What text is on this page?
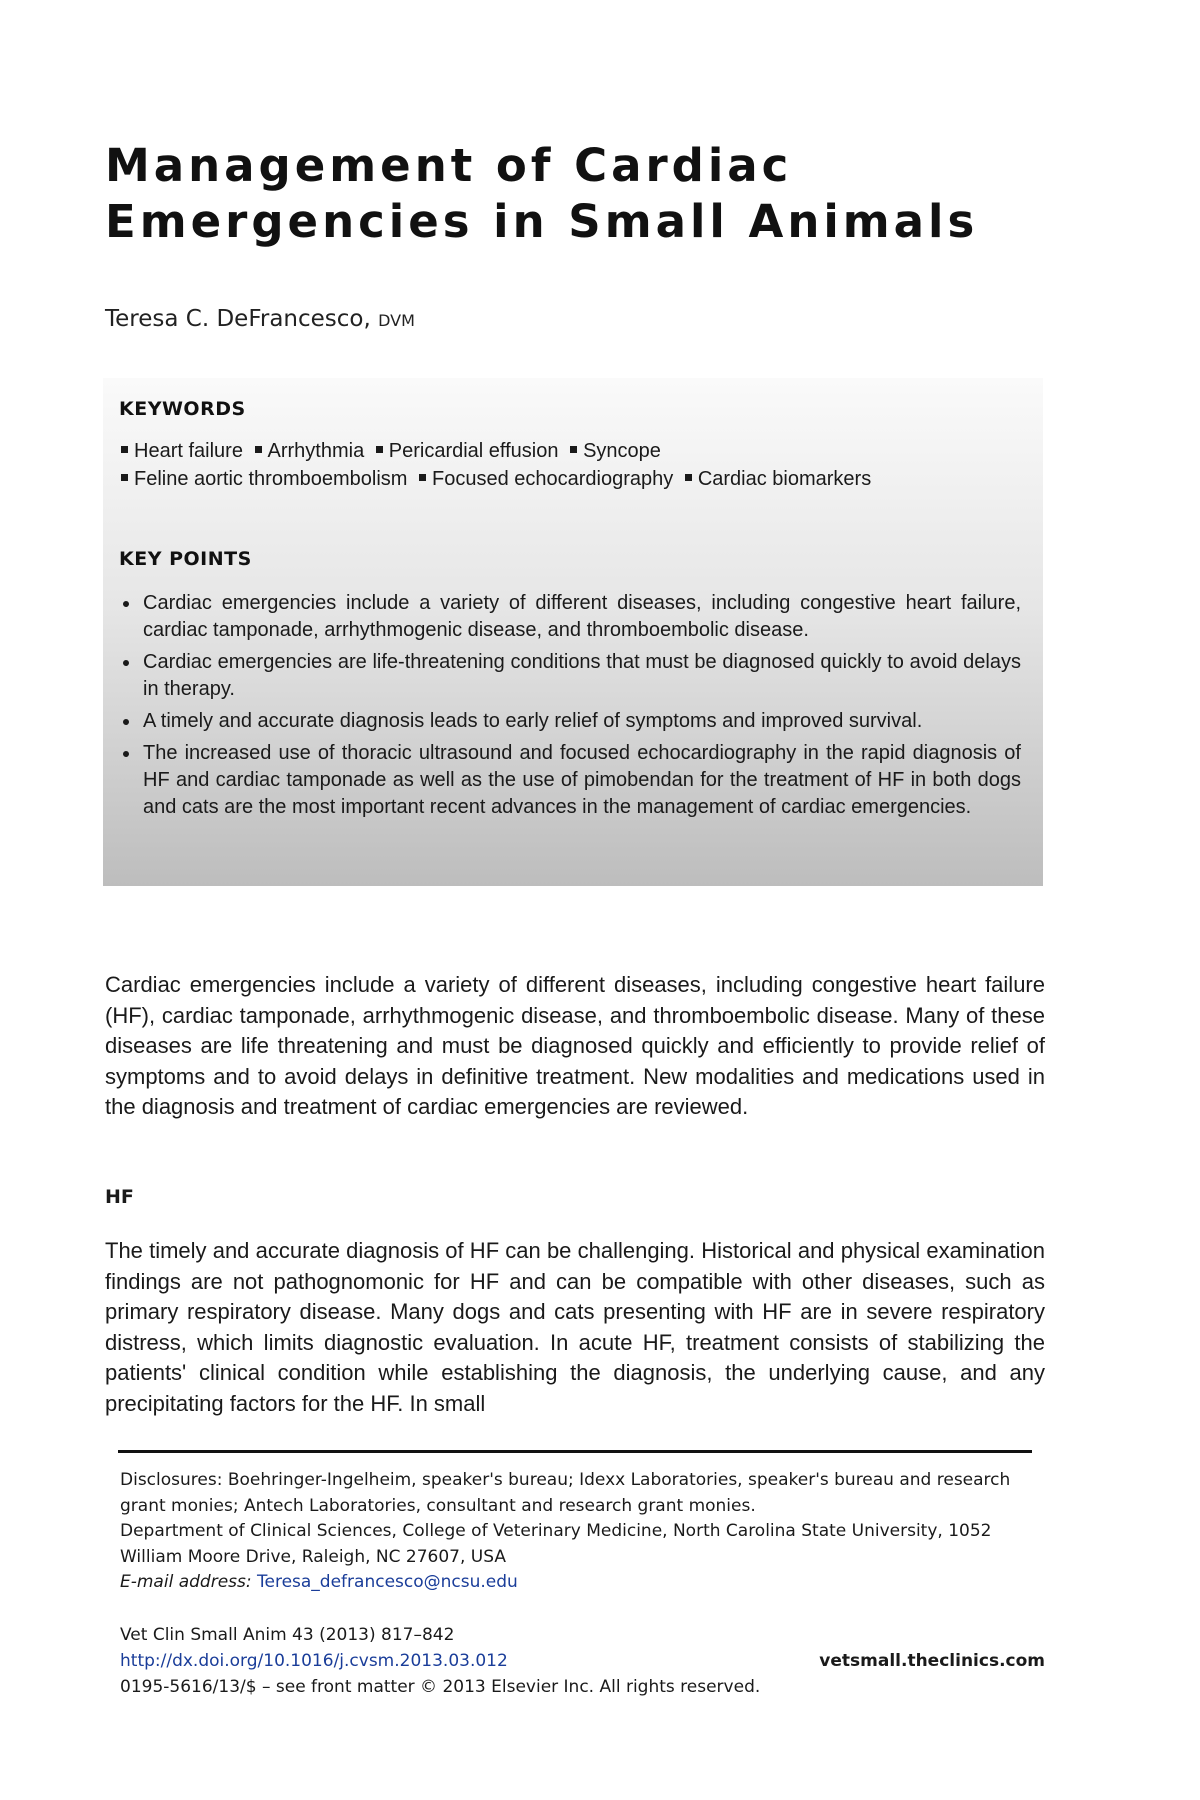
Management of Cardiac
Emergencies in Small Animals
Teresa C. DeFrancesco, DVM
KEYWORDS
Heart failure Arrhythmia Pericardial effusion Syncope
Feline aortic thromboembolism Focused echocardiography Cardiac biomarkers
KEY POINTS
Cardiac emergencies include a variety of different diseases, including congestive heart failure, cardiac tamponade, arrhythmogenic disease, and thromboembolic disease.
Cardiac emergencies are life-threatening conditions that must be diagnosed quickly to avoid delays in therapy.
A timely and accurate diagnosis leads to early relief of symptoms and improved survival.
The increased use of thoracic ultrasound and focused echocardiography in the rapid diagnosis of HF and cardiac tamponade as well as the use of pimobendan for the treatment of HF in both dogs and cats are the most important recent advances in the management of cardiac emergencies.
Cardiac emergencies include a variety of different diseases, including congestive heart failure (HF), cardiac tamponade, arrhythmogenic disease, and thromboembolic disease. Many of these diseases are life threatening and must be diagnosed quickly and efficiently to provide relief of symptoms and to avoid delays in definitive treatment. New modalities and medications used in the diagnosis and treatment of cardiac emergencies are reviewed.
HF
The timely and accurate diagnosis of HF can be challenging. Historical and physical examination findings are not pathognomonic for HF and can be compatible with other diseases, such as primary respiratory disease. Many dogs and cats presenting with HF are in severe respiratory distress, which limits diagnostic evaluation. In acute HF, treatment consists of stabilizing the patients' clinical condition while establishing the diagnosis, the underlying cause, and any precipitating factors for the HF. In small

Disclosures: Boehringer-Ingelheim, speaker's bureau; Idexx Laboratories, speaker's bureau and research grant monies; Antech Laboratories, consultant and research grant monies.

Department of Clinical Sciences, College of Veterinary Medicine, North Carolina State University, 1052 William Moore Drive, Raleigh, NC 27607, USA

E-mail address: Teresa_defrancesco@ncsu.edu

Vet Clin Small Anim 43 (2013) 817–842
http://dx.doi.org/10.1016/j.cvsm.2013.03.012	vetsmall.theclinics.com
0195-5616/13/$ – see front matter © 2013 Elsevier Inc. All rights reserved.
